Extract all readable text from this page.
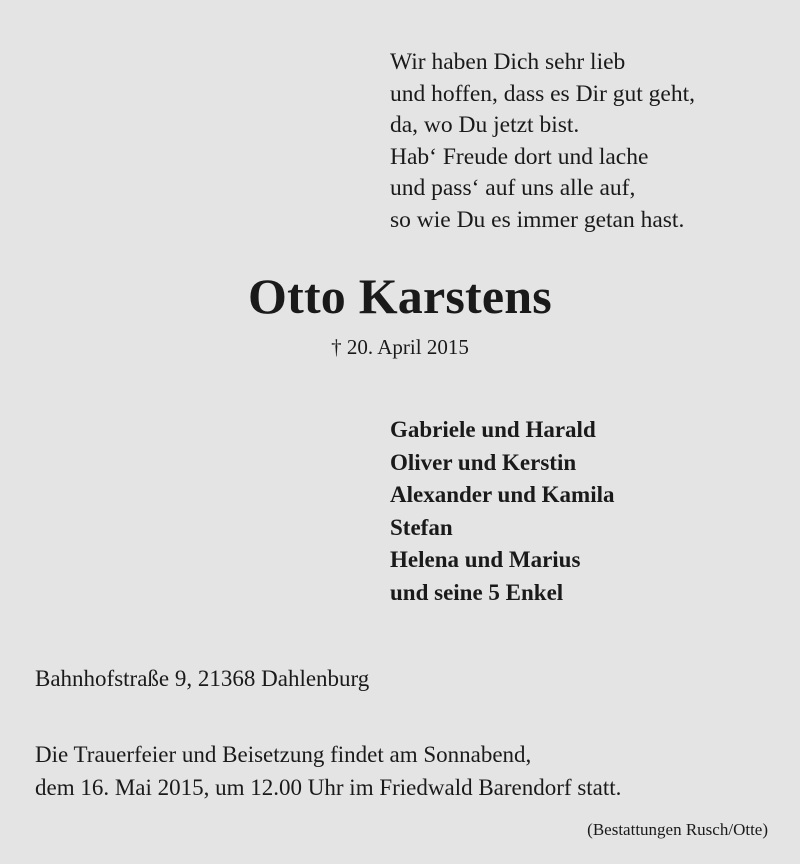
Wir haben Dich sehr lieb
und hoffen, dass es Dir gut geht,
da, wo Du jetzt bist.
Hab‘ Freude dort und lache
und pass‘ auf uns alle auf,
so wie Du es immer getan hast.
Otto Karstens
† 20. April 2015
Gabriele und Harald
Oliver und Kerstin
Alexander und Kamila
Stefan
Helena und Marius
und seine 5 Enkel
Bahnhofstraße 9, 21368 Dahlenburg
Die Trauerfeier und Beisetzung findet am Sonnabend,
dem 16. Mai 2015, um 12.00 Uhr im Friedwald Barendorf statt.
(Bestattungen Rusch/Otte)
